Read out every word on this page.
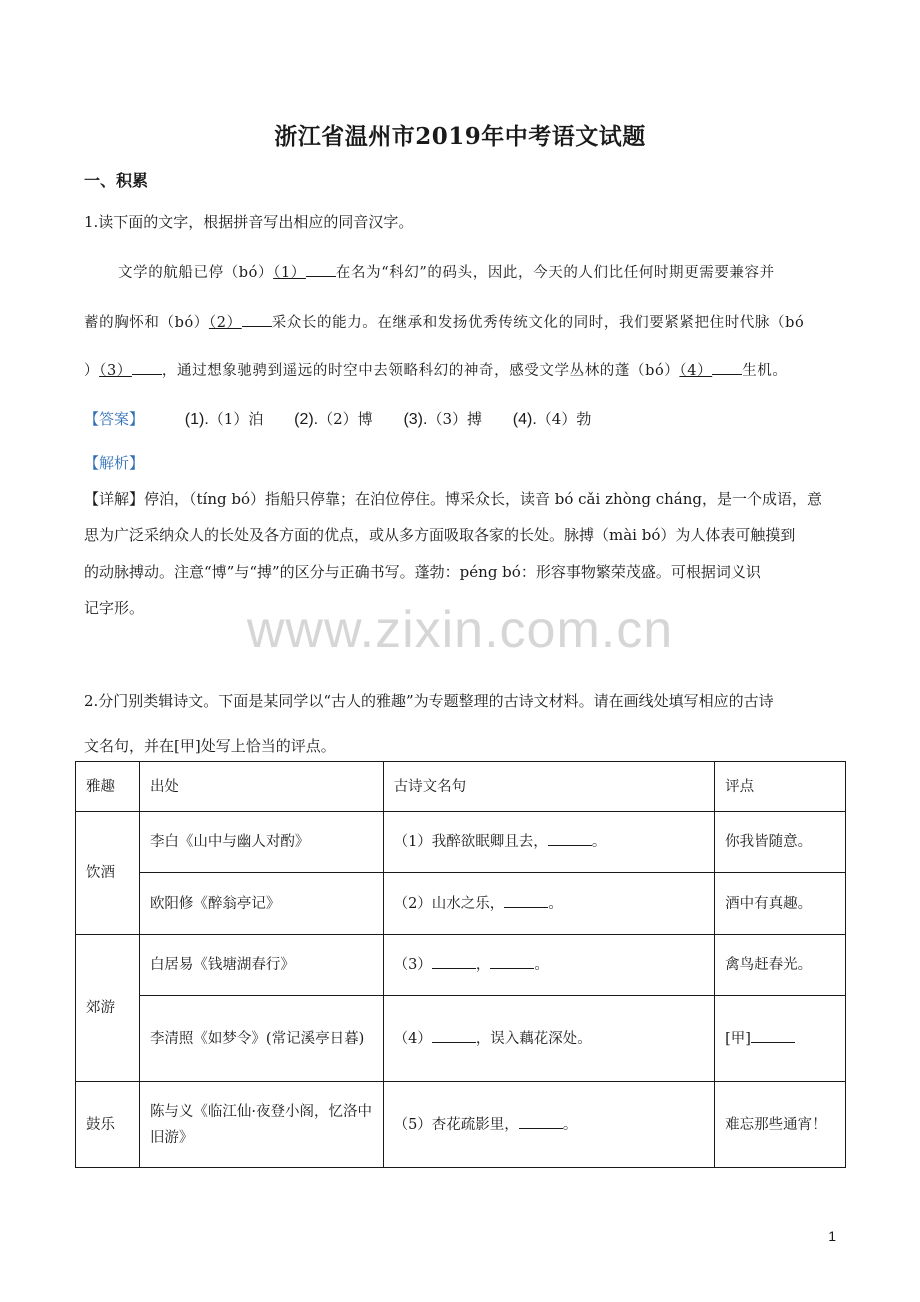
浙江省温州市2019年中考语文试题
一、积累
1.读下面的文字，根据拼音写出相应的同音汉字。
文学的航船已停（bó）（1） 在名为“科幻”的码头，因此，今天的人们比任何时期更需要兼容并
蓄的胸怀和（bó）（2） 采众长的能力。在继承和发扬优秀传统文化的同时，我们要紧紧把住时代脉（bó
）（3） ，通过想象驰骋到遥远的时空中去领略科幻的神奇，感受文学丛林的蓬（bó）（4） 生机。
【答案】	(1).（1）泊 (2).（2）博 (3).（3）搏 (4).（4）勃
【解析】
【详解】停泊，（tíng bó）指船只停靠；在泊位停住。博采众长，读音 bó cǎi zhòng cháng，是一个成语，意
思为广泛采纳众人的长处及各方面的优点，或从多方面吸取各家的长处。脉搏（mài bó）为人体表可触摸到
的动脉搏动。注意“博”与“搏”的区分与正确书写。蓬勃：péng bó：形容事物繁荣茂盛。可根据词义识
记字形。	www.zixin.com.cn
2.分门别类辑诗文。下面是某同学以“古人的雅趣”为专题整理的古诗文材料。请在画线处填写相应的古诗
文名句，并在[甲]处写上恰当的评点。
雅趣	出处	古诗文名句	评点
饮酒	李白《山中与幽人对酌》	（1）我醉欲眠卿且去， 。	你我皆随意。
	欧阳修《醉翁亭记》	（2）山水之乐， 。	酒中有真趣。
郊游	白居易《钱塘湖春行》	（3） ， 。	禽鸟赶春光。
	李清照《如梦令》(常记溪亭日暮)	（4） ，误入藕花深处。	[甲]
鼓乐	陈与义《临江仙·夜登小阁，忆洛中旧游》	（5）杏花疏影里， 。	难忘那些通宵！
1
